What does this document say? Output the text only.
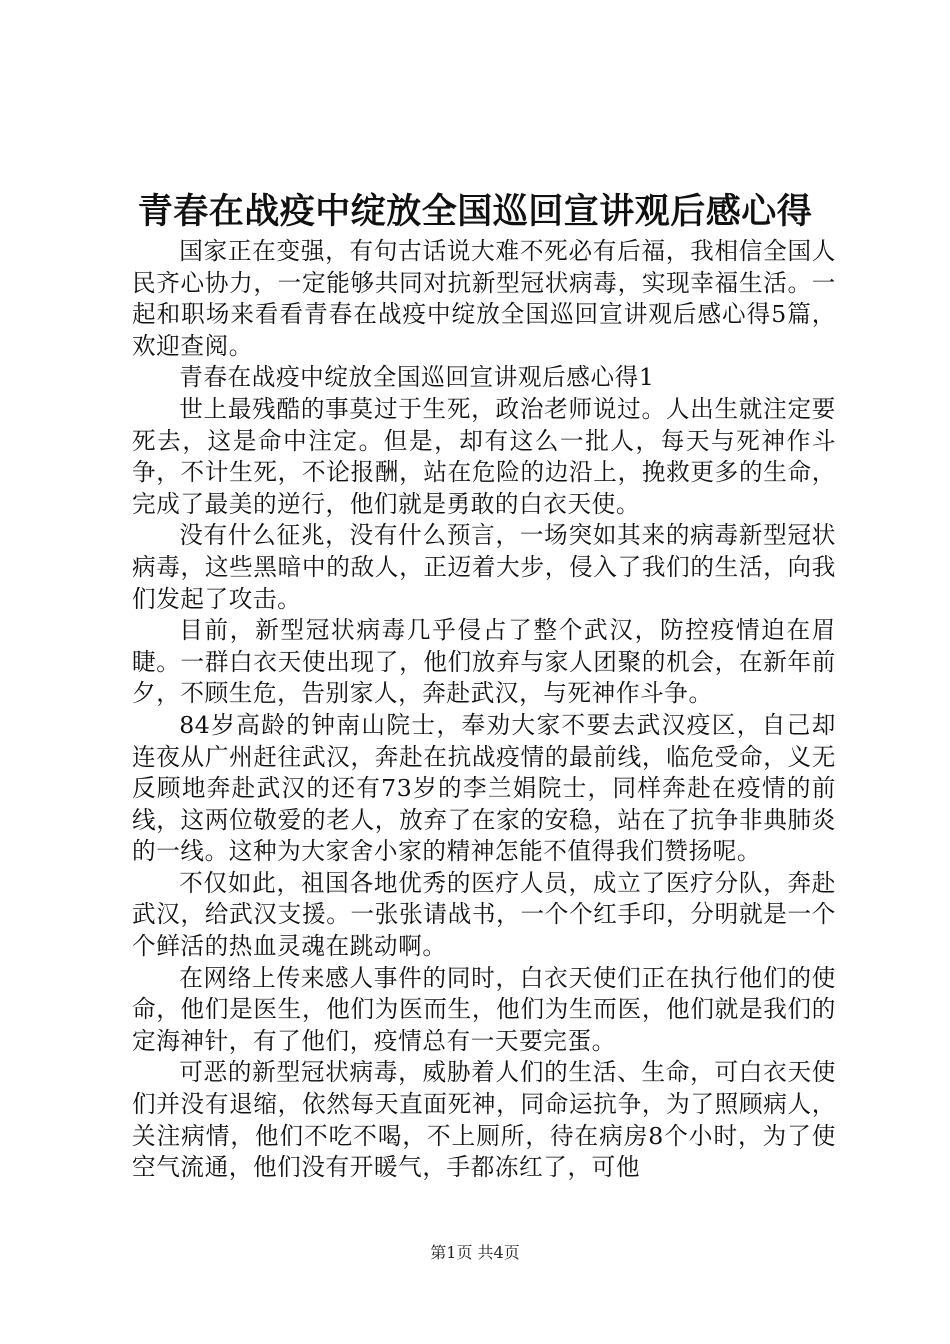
青春在战疫中绽放全国巡回宣讲观后感心得

国家正在变强，有句古话说大难不死必有后福，我相信全国人民齐心协力，一定能够共同对抗新型冠状病毒，实现幸福生活。一起和职场来看看青春在战疫中绽放全国巡回宣讲观后感心得5篇，欢迎查阅。

青春在战疫中绽放全国巡回宣讲观后感心得1

世上最残酷的事莫过于生死，政治老师说过。人出生就注定要死去，这是命中注定。但是，却有这么一批人，每天与死神作斗争，不计生死，不论报酬，站在危险的边沿上，挽救更多的生命，完成了最美的逆行，他们就是勇敢的白衣天使。

没有什么征兆，没有什么预言，一场突如其来的病毒新型冠状病毒，这些黑暗中的敌人，正迈着大步，侵入了我们的生活，向我们发起了攻击。

目前，新型冠状病毒几乎侵占了整个武汉，防控疫情迫在眉睫。一群白衣天使出现了，他们放弃与家人团聚的机会，在新年前夕，不顾生危，告别家人，奔赴武汉，与死神作斗争。

84岁高龄的钟南山院士，奉劝大家不要去武汉疫区，自己却连夜从广州赶往武汉，奔赴在抗战疫情的最前线，临危受命，义无反顾地奔赴武汉的还有73岁的李兰娟院士，同样奔赴在疫情的前线，这两位敬爱的老人，放弃了在家的安稳，站在了抗争非典肺炎的一线。这种为大家舍小家的精神怎能不值得我们赞扬呢。

不仅如此，祖国各地优秀的医疗人员，成立了医疗分队，奔赴武汉，给武汉支援。一张张请战书，一个个红手印，分明就是一个个鲜活的热血灵魂在跳动啊。

在网络上传来感人事件的同时，白衣天使们正在执行他们的使命，他们是医生，他们为医而生，他们为生而医，他们就是我们的定海神针，有了他们，疫情总有一天要完蛋。

可恶的新型冠状病毒，威胁着人们的生活、生命，可白衣天使们并没有退缩，依然每天直面死神，同命运抗争，为了照顾病人，关注病情，他们不吃不喝，不上厕所，待在病房8个小时，为了使空气流通，他们没有开暖气，手都冻红了，可他

第1页 共4页
